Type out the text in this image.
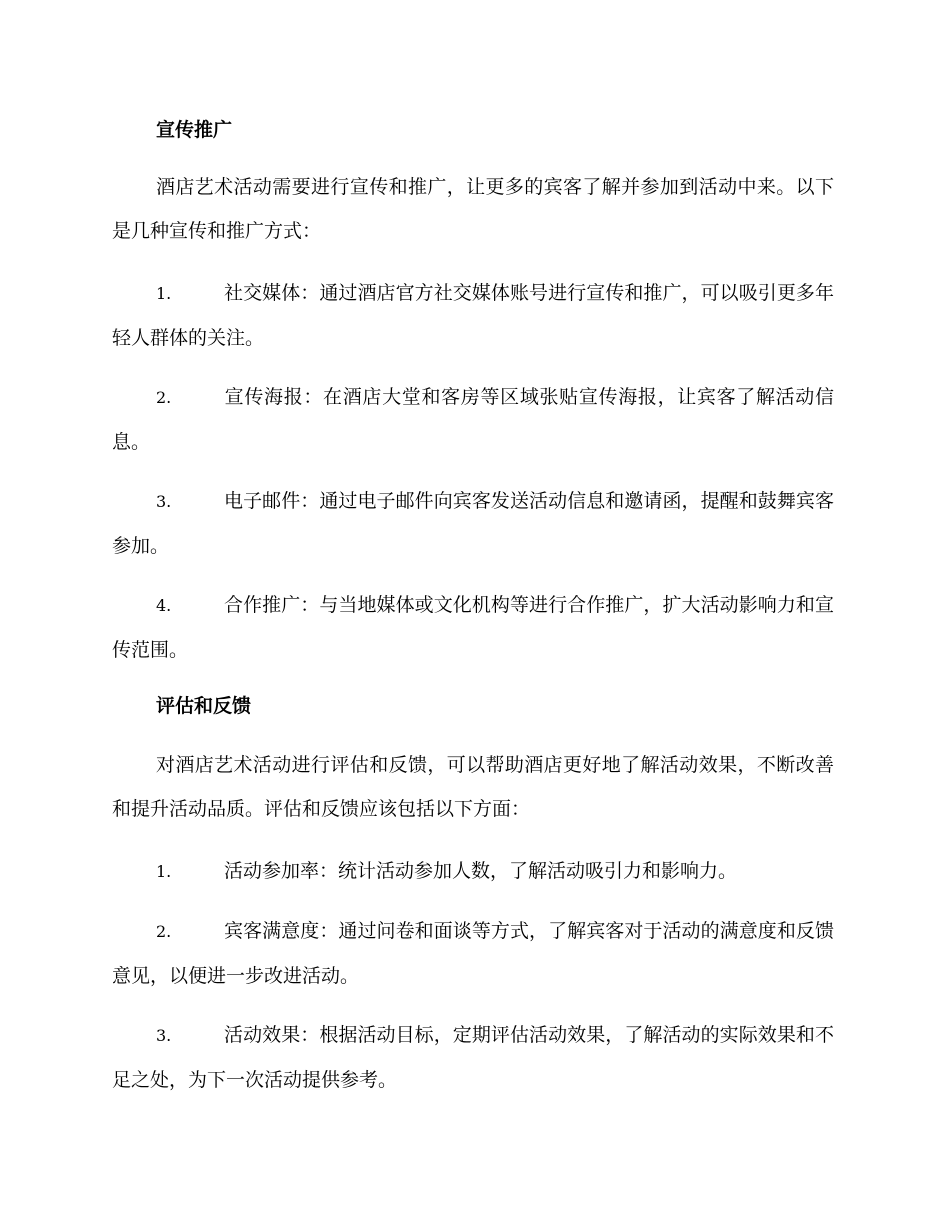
宣传推广

酒店艺术活动需要进行宣传和推广，让更多的宾客了解并参加到活动中来。以下是几种宣传和推广方式：

1.	社交媒体：通过酒店官方社交媒体账号进行宣传和推广，可以吸引更多年轻人群体的关注。
2.	宣传海报：在酒店大堂和客房等区域张贴宣传海报，让宾客了解活动信息。
3.	电子邮件：通过电子邮件向宾客发送活动信息和邀请函，提醒和鼓舞宾客参加。
4.	合作推广：与当地媒体或文化机构等进行合作推广，扩大活动影响力和宣传范围。
评估和反馈

对酒店艺术活动进行评估和反馈，可以帮助酒店更好地了解活动效果，不断改善和提升活动品质。评估和反馈应该包括以下方面：

1.	活动参加率：统计活动参加人数，了解活动吸引力和影响力。
2.	宾客满意度：通过问卷和面谈等方式，了解宾客对于活动的满意度和反馈意见，以便进一步改进活动。
3.	活动效果：根据活动目标，定期评估活动效果，了解活动的实际效果和不足之处，为下一次活动提供参考。
